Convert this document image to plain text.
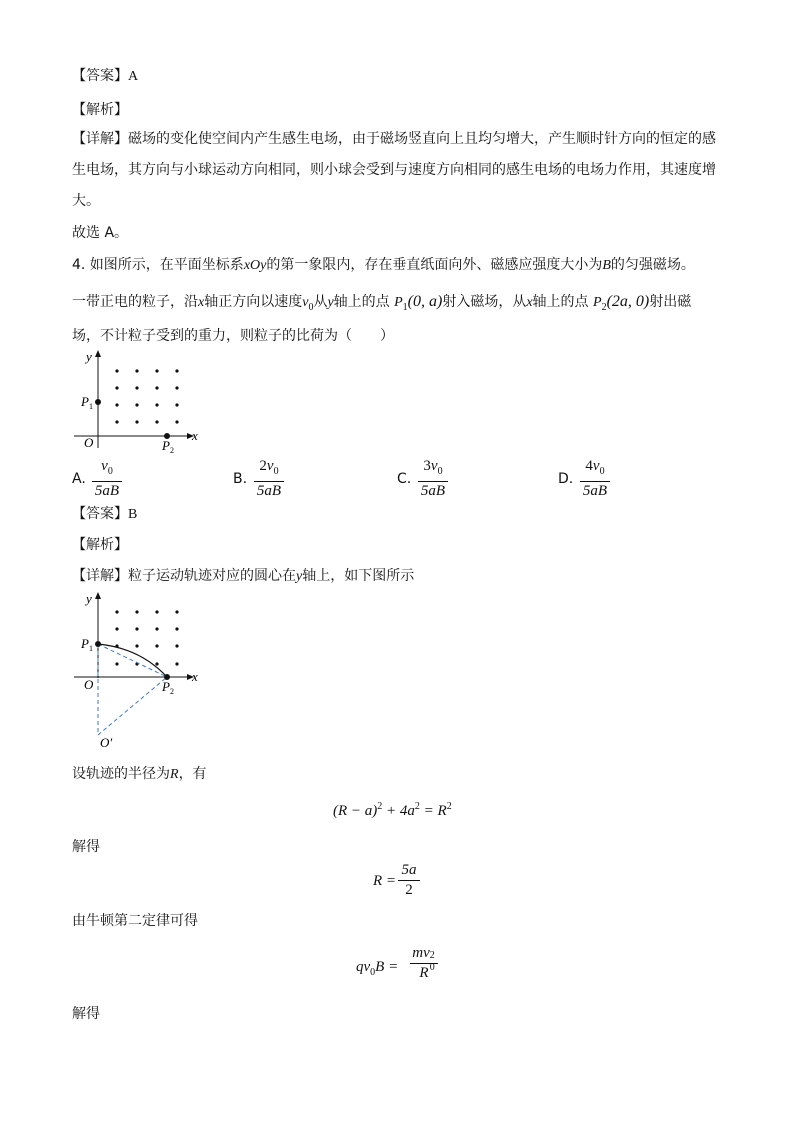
【答案】A
【解析】
【详解】磁场的变化使空间内产生感生电场，由于磁场竖直向上且均匀增大，产生顺时针方向的恒定的感
生电场，其方向与小球运动方向相同，则小球会受到与速度方向相同的感生电场的电场力作用，其速度增
大。
故选 A。
4. 如图所示，在平面坐标系xOy的第一象限内，存在垂直纸面向外、磁感应强度大小为B的匀强磁场。
一带正电的粒子，沿x轴正方向以速度$v_0$从y轴上的点 $P_1(0$, a)射入磁场，从x轴上的点 $P_2(2a$, 0)射出磁
场，不计粒子受到的重力，则粒子的比荷为（　　）
y
x
O
$P_1$
$P_2$
A.
$v_0$
5aB
B.
$2v_0$
5aB
C.
$3v_0$
5aB
D.
$4v_0$
5aB
【答案】B
【解析】
【详解】粒子运动轨迹对应的圆心在y轴上，如下图所示
y
x
O
$P_1$
$P_2$
O′
设轨迹的半径为R，有
$(R - a)^2 + 4a^2 = R^2$
解得
R =
5a
2
由牛顿第二定律可得
$qv_0B$ =
mv 2
0
R
解得
